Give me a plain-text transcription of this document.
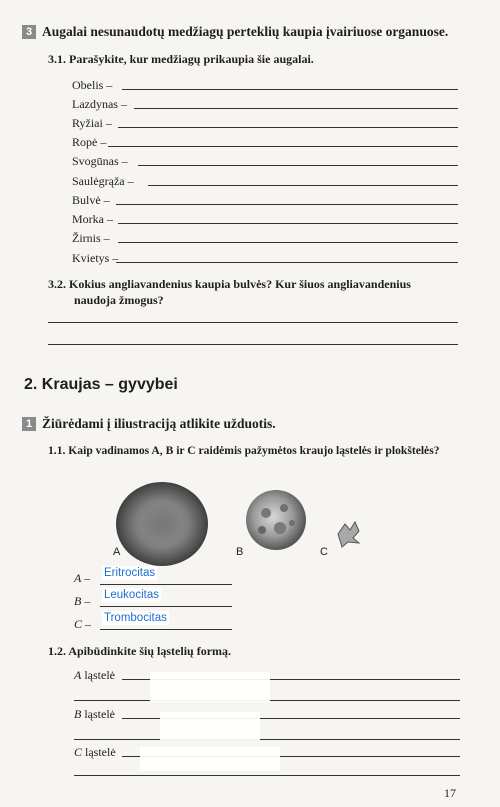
3 Augalai nesunaudotų medžiagų perteklių kaupia įvairiuose organuose.
3.1. Parašykite, kur medžiagų prikaupia šie augalai.
Obelis –
Lazdynas –
Ryžiai –
Ropė –
Svogūnas –
Saulėgrąža –
Bulvė –
Morka –
Žirnis –
Kvietys –
3.2. Kokius angliavandenius kaupia bulvės? Kur šiuos angliavandenius
naudoja žmogus?
2. Kraujas – gyvybei
1 Žiūrėdami į iliustraciją atlikite užduotis.
1.1. Kaip vadinamos A, B ir C raidėmis pažymėtos kraujo ląstelės ir plokštelės?
A	B	C
A – Eritrocitas
B – Leukocitas
C – Trombocitas
1.2. Apibūdinkite šių ląstelių formą.
A ląstelė
B ląstelė
C ląstelė
17
